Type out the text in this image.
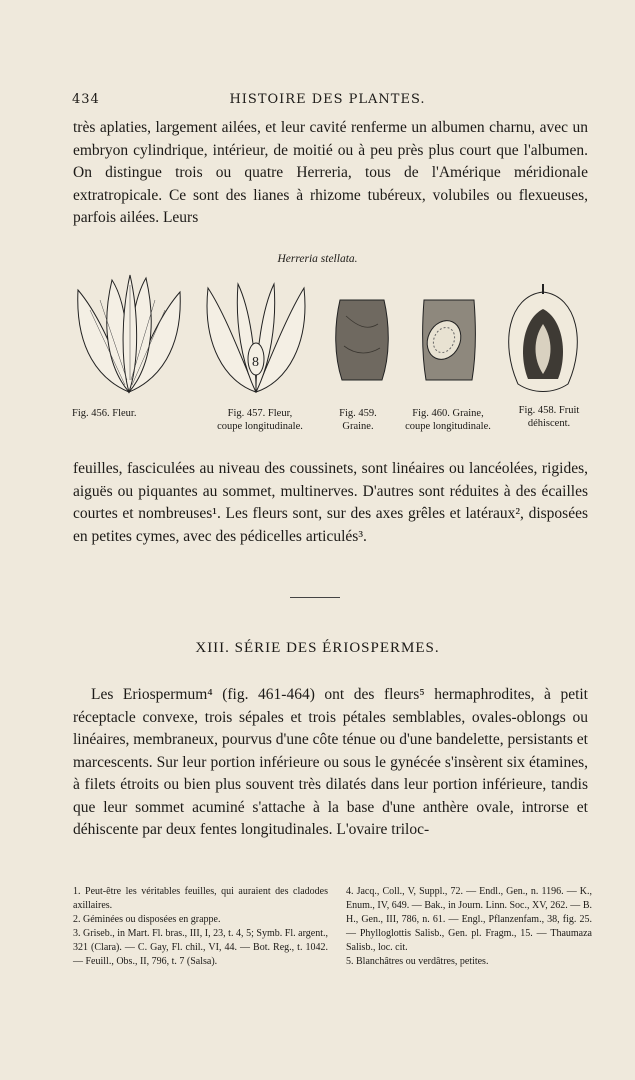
434	HISTOIRE DES PLANTES.
très aplaties, largement ailées, et leur cavité renferme un albumen charnu, avec un embryon cylindrique, intérieur, de moitié ou à peu près plus court que l'albumen. On distingue trois ou quatre Herreria, tous de l'Amérique méridionale extratropicale. Ce sont des lianes à rhizome tubéreux, volubiles ou flexueuses, parfois ailées. Leurs
Herreria stellata.
8
Fig. 456. Fleur.	Fig. 457. Fleur,
coupe longitudinale.
Fig. 459.
Graine.
Fig. 460. Graine,
coupe longitudinale.
Fig. 458. Fruit
déhiscent.
feuilles, fasciculées au niveau des coussinets, sont linéaires ou lancéolées, rigides, aiguës ou piquantes au sommet, multinerves. D'autres sont réduites à des écailles courtes et nombreuses¹. Les fleurs sont, sur des axes grêles et latéraux², disposées en petites cymes, avec des pédicelles articulés³.
XIII. SÉRIE DES ÉRIOSPERMES.
Les Eriospermum⁴ (fig. 461-464) ont des fleurs⁵ hermaphrodites, à petit réceptacle convexe, trois sépales et trois pétales semblables, ovales-oblongs ou linéaires, membraneux, pourvus d'une côte ténue ou d'une bandelette, persistants et marcescents. Sur leur portion inférieure ou sous le gynécée s'insèrent six étamines, à filets étroits ou bien plus souvent très dilatés dans leur portion inférieure, tandis que leur sommet acuminé s'attache à la base d'une anthère ovale, introrse et déhiscente par deux fentes longitudinales. L'ovaire triloc-
1. Peut-être les véritables feuilles, qui auraient des cladodes axillaires.
2. Géminées ou disposées en grappe.
3. Griseb., in Mart. Fl. bras., III, I, 23, t. 4, 5; Symb. Fl. argent., 321 (Clara). — C. Gay, Fl. chil., VI, 44. — Bot. Reg., t. 1042. — Feuill., Obs., II, 796, t. 7 (Salsa).
4. Jacq., Coll., V, Suppl., 72. — Endl., Gen., n. 1196. — K., Enum., IV, 649. — Bak., in Journ. Linn. Soc., XV, 262. — B. H., Gen., III, 786, n. 61. — Engl., Pflanzenfam., 38, fig. 25. — Phylloglottis Salisb., Gen. pl. Fragm., 15. — Thaumaza Salisb., loc. cit.
5. Blanchâtres ou verdâtres, petites.
